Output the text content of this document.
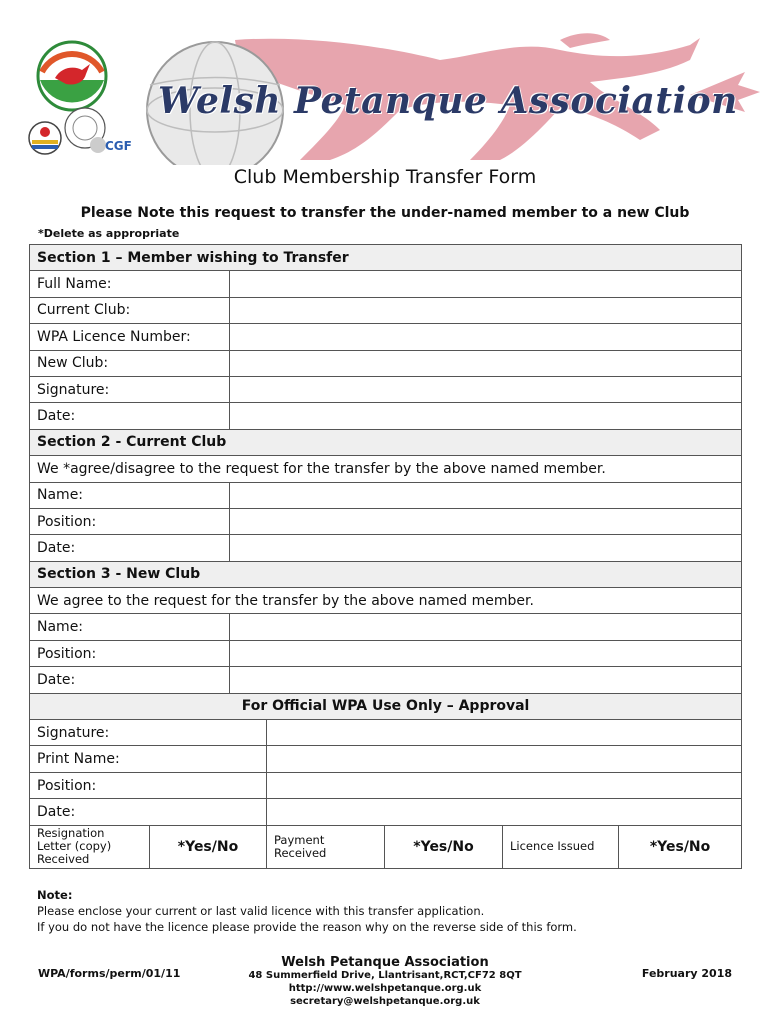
CGF
Welsh Petanque Association
Club Membership Transfer Form
Please Note this request to transfer the under-named member to a new Club
*Delete as appropriate
Section 1 – Member wishing to Transfer						
Full Name:						
Current Club:						
WPA Licence Number:						
New Club:						
Signature:						
Date:						
Section 2 - Current Club						
We *agree/disagree to the request for the transfer by the above named member.						
Name:						
Position:						
Date:						
Section 3 - New Club						
We agree to the request for the transfer by the above named member.						
Name:						
Position:						
Date:						
For Official WPA Use Only – Approval						
Signature:						
Print Name:						
Position:						
Date:						
Resignation Letter (copy) Received	*Yes/No		Payment Received	*Yes/No	Licence Issued	*Yes/No
Note:
Please enclose your current or last valid licence with this transfer application.
If you do not have the licence please provide the reason why on the reverse side of this form.
WPA/forms/perm/01/11	February 2018
Welsh Petanque Association
48 Summerfield Drive, Llantrisant,RCT,CF72 8QT
http://www.welshpetanque.org.uk
secretary@welshpetanque.org.uk
